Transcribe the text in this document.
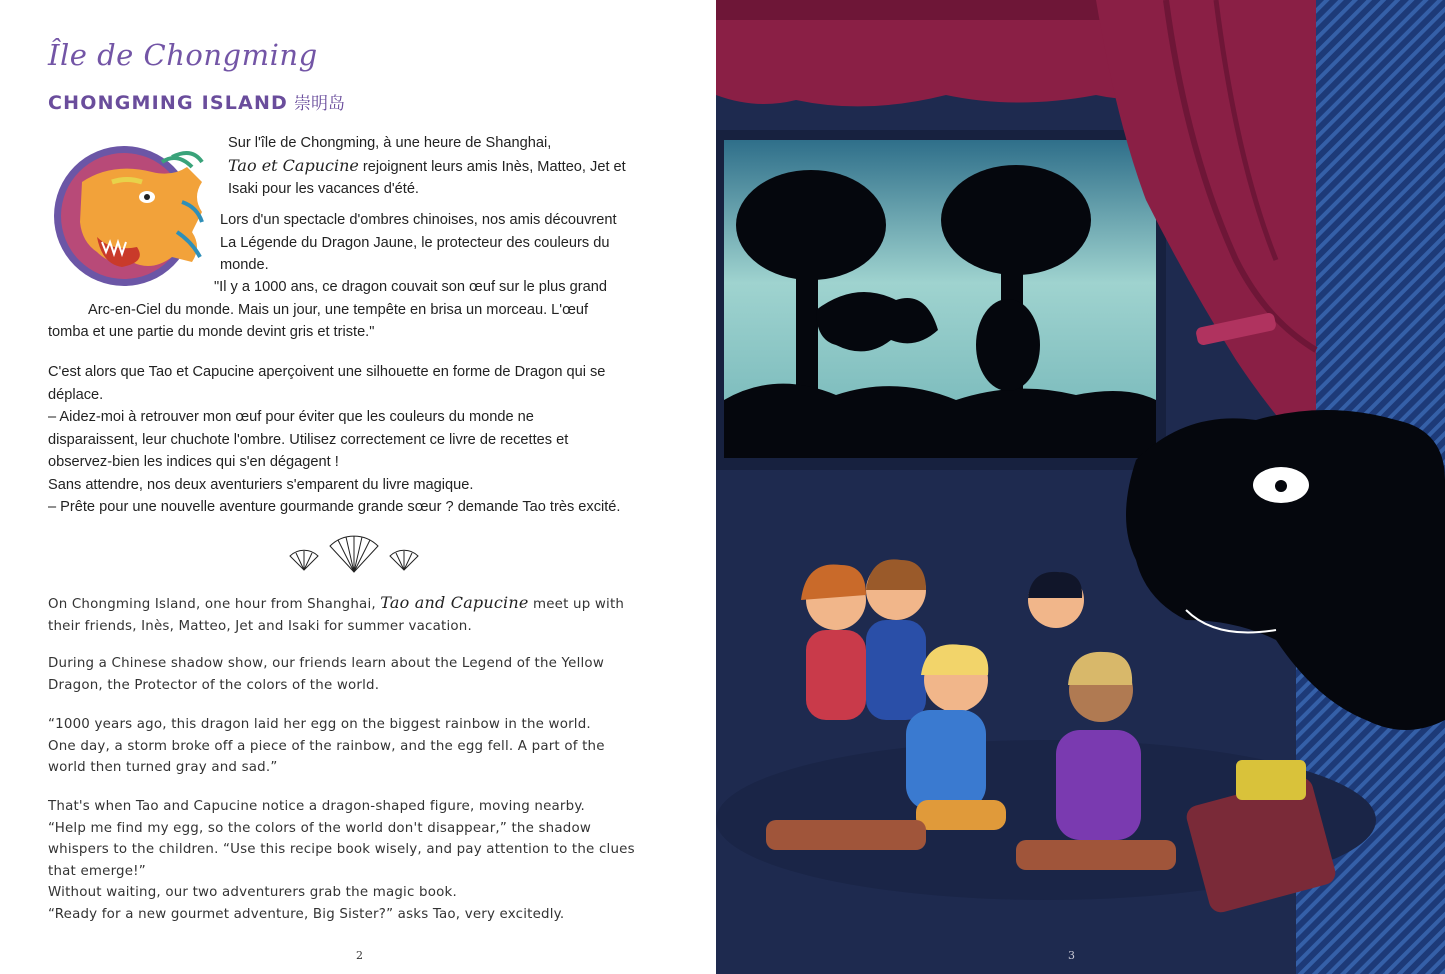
Île de Chongming
CHONGMING ISLAND 崇明岛
Sur l'île de Chongming, à une heure de Shanghai,
Tao et Capucine rejoignent leurs amis Inès, Matteo, Jet et
Isaki pour les vacances d'été.
Lors d'un spectacle d'ombres chinoises, nos amis découvrent
La Légende du Dragon Jaune, le protecteur des couleurs du
monde.
"Il y a 1000 ans, ce dragon couvait son œuf sur le plus grand
Arc-en-Ciel du monde. Mais un jour, une tempête en brisa un morceau. L'œuf
tomba et une partie du monde devint gris et triste."
C'est alors que Tao et Capucine aperçoivent une silhouette en forme de Dragon qui se
déplace.
– Aidez-moi à retrouver mon œuf pour éviter que les couleurs du monde ne
disparaissent, leur chuchote l'ombre. Utilisez correctement ce livre de recettes et
observez-bien les indices qui s'en dégagent !
Sans attendre, nos deux aventuriers s'emparent du livre magique.
– Prête pour une nouvelle aventure gourmande grande sœur ? demande Tao très excité.
On Chongming Island, one hour from Shanghai, Tao and Capucine meet up with
their friends, Inès, Matteo, Jet and Isaki for summer vacation.
During a Chinese shadow show, our friends learn about the Legend of the Yellow
Dragon, the Protector of the colors of the world.
“1000 years ago, this dragon laid her egg on the biggest rainbow in the world.
One day, a storm broke off a piece of the rainbow, and the egg fell. A part of the
world then turned gray and sad.”
That's when Tao and Capucine notice a dragon-shaped figure, moving nearby.
“Help me find my egg, so the colors of the world don't disappear,” the shadow
whispers to the children. “Use this recipe book wisely, and pay attention to the clues
that emerge!”
Without waiting, our two adventurers grab the magic book.
“Ready for a new gourmet adventure, Big Sister?” asks Tao, very excitedly.
2	3
